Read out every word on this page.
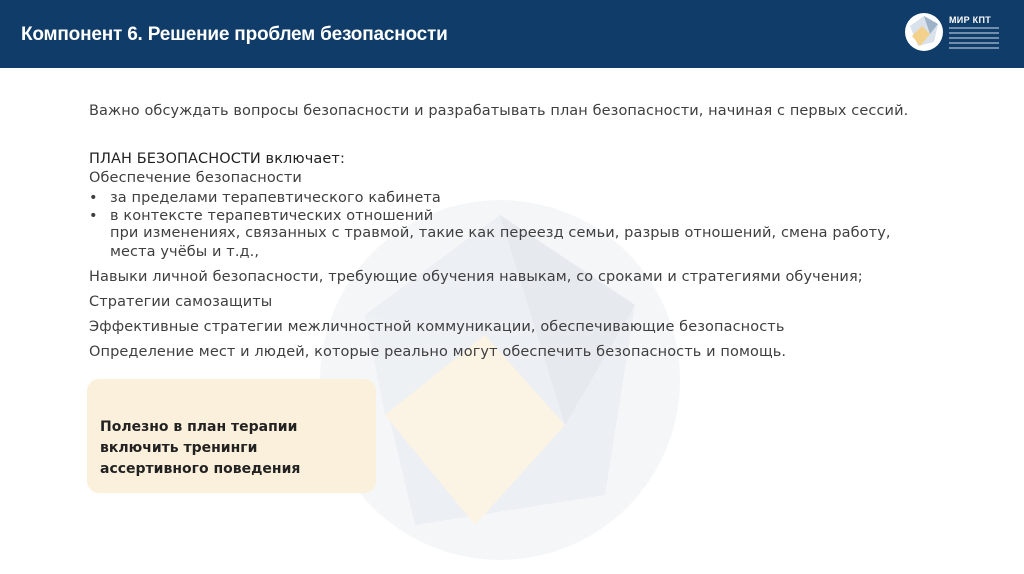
Компонент 6. Решение проблем безопасности
МИР КПТ
Важно обсуждать вопросы безопасности и разрабатывать план безопасности, начиная с первых сессий.
ПЛАН БЕЗОПАСНОСТИ включает:
Обеспечение безопасности
• за пределами терапевтического кабинета
• в контексте терапевтических отношений
при изменениях, связанных с травмой, такие как переезд семьи, разрыв отношений, смена работу, места учёбы и т.д.,
Навыки личной безопасности, требующие обучения навыкам, со сроками и стратегиями обучения;
Стратегии самозащиты
Эффективные стратегии межличностной коммуникации, обеспечивающие безопасность
Определение мест и людей, которые реально могут обеспечить безопасность и помощь.
Полезно в план терапии включить тренинги ассертивного поведения
